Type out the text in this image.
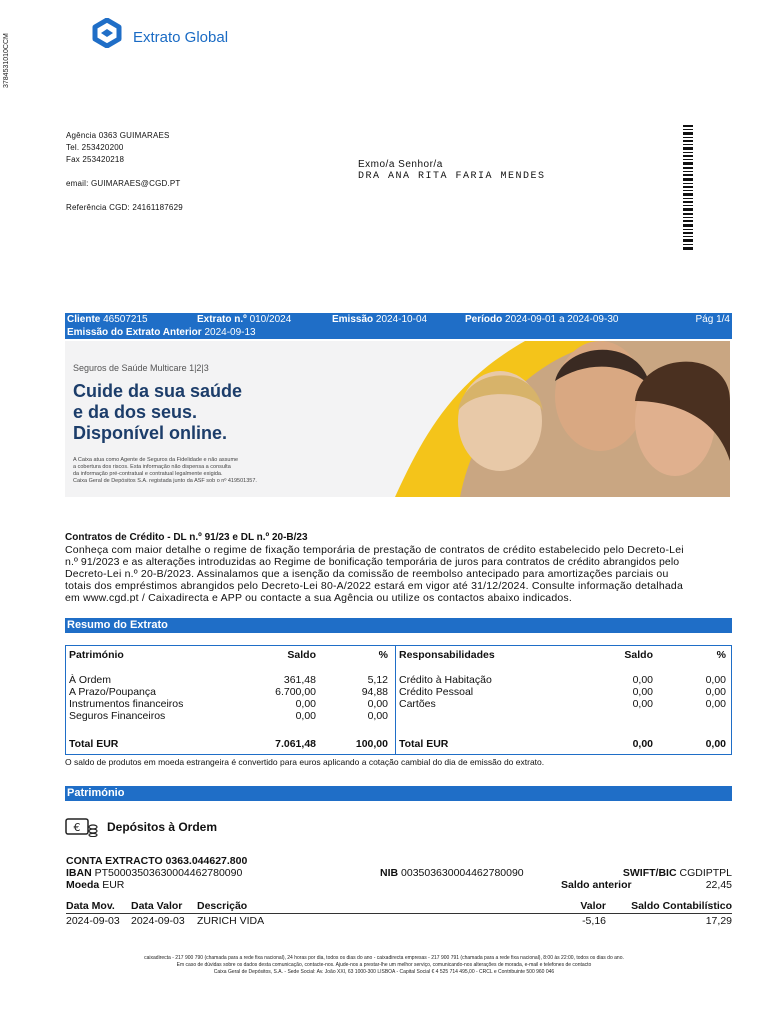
Extrato Global
3784531010CCM
Agência 0363 GUIMARAES
Tel. 253420200
Fax 253420218
email: GUIMARAES@CGD.PT
Referência CGD: 24161187629
Exmo/a Senhor/a
DRA ANA RITA FARIA MENDES
Cliente 46507215	Extrato n.º 010/2024	Emissão 2024-10-04	Período 2024-09-01 a 2024-09-30	Pág 1/4
Emissão do Extrato Anterior 2024-09-13
Seguros de Saúde Multicare 1|2|3
Cuide da sua saúde
e da dos seus.
Disponível online.
A Caixa atua como Agente de Seguros da Fidelidade e não assume
a cobertura dos riscos. Esta informação não dispensa a consulta
da informação pré-contratual e contratual legalmente exigida.
Caixa Geral de Depósitos S.A. registada junto da ASF sob o nº 419501357.
Contratos de Crédito - DL n.º 91/23 e DL n.º 20-B/23
Conheça com maior detalhe o regime de fixação temporária de prestação de contratos de crédito estabelecido pelo Decreto-Lei
n.º 91/2023 e as alterações introduzidas ao Regime de bonificação temporária de juros para contratos de crédito abrangidos pelo
Decreto-Lei n.º 20-B/2023. Assinalamos que a isenção da comissão de reembolso antecipado para amortizações parciais ou
totais dos empréstimos abrangidos pelo Decreto-Lei 80-A/2022 estará em vigor até 31/12/2024. Consulte informação detalhada
em www.cgd.pt / Caixadirecta e APP ou contacte a sua Agência ou utilize os contactos abaixo indicados.
Resumo do Extrato
Património	Saldo	%
À Ordem	361,48	5,12
A Prazo/Poupança	6.700,00	94,88
Instrumentos financeiros	0,00	0,00
Seguros Financeiros	0,00	0,00
Total EUR	7.061,48	100,00
Responsabilidades	Saldo	%
Crédito à Habitação	0,00	0,00
Crédito Pessoal	0,00	0,00
Cartões	0,00	0,00
Total EUR	0,00	0,00
O saldo de produtos em moeda estrangeira é convertido para euros aplicando a cotação cambial do dia de emissão do extrato.
Património
€ Depósitos à Ordem
CONTA EXTRACTO 0363.044627.800
IBAN PT50003503630004462780090	NIB 003503630004462780090	SWIFT/BIC CGDIPTPL
Moeda EUR	Saldo anterior	22,45
Data Mov. Data Valor Descrição	Valor	Saldo Contabilístico
2024-09-03 2024-09-03 ZURICH VIDA	-5,16	17,29
caixadirecta - 217 900 790 (chamada para a rede fixa nacional), 24 horas por dia, todos os dias do ano - caixadirecta empresas - 217 900 791 (chamada para a rede fixa nacional), 8:00 às 22:00, todos os dias do ano.
Em caso de dúvidas sobre os dados desta comunicação, contacte-nos. Ajude-nos a prestar-lhe um melhor serviço, comunicando-nos alterações de morada, e-mail e telefones de contacto
Caixa Geral de Depósitos, S.A. - Sede Social: Av. João XXI, 63 1000-300 LISBOA - Capital Social € 4 525 714 495,00 - CRCL e Contribuinte 500 960 046
